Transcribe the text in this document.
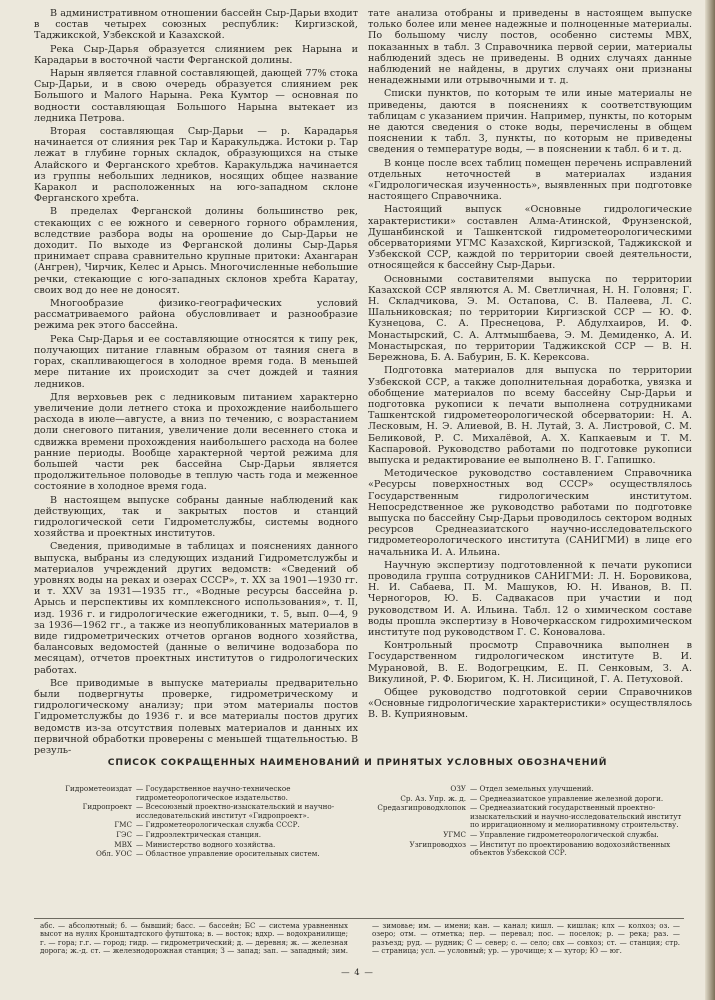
В административном отношении бассейн Сыр-Дарьи входит в состав четырех союзных республик: Киргизской, Таджикской, Узбекской и Казахской.

Река Сыр-Дарья образуется слиянием рек Нарына и Карадарьи в восточной части Ферганской долины.

Нарын является главной составляющей, дающей 77% стока Сыр-Дарьи, и в свою очередь образуется слиянием рек Большого и Малого Нарына. Река Кумтор — основная по водности составляющая Большого Нарына вытекает из ледника Петрова.

Вторая составляющая Сыр-Дарьи — р. Карадарья начинается от слияния рек Тар и Каракульджа. Истоки р. Тар лежат в глубине горных складок, образующихся на стыке Алайского и Ферганского хребтов. Каракульджа начинается из группы небольших ледников, носящих общее название Каракол и расположенных на юго-западном склоне Ферганского хребта.

В пределах Ферганской долины большинство рек, стекающих с ее южного и северного горного обрамления, вследствие разбора воды на орошение до Сыр-Дарьи не доходит. По выходе из Ферганской долины Сыр-Дарья принимает справа сравнительно крупные притоки: Ахангаран (Ангрен), Чирчик, Келес и Арысь. Многочисленные небольшие речки, стекающие с юго-западных склонов хребта Каратау, своих вод до нее не доносят.

Многообразие физико-географических условий рассматриваемого района обусловливает и разнообразие режима рек этого бассейна.

Река Сыр-Дарья и ее составляющие относятся к типу рек, получающих питание главным образом от таяния снега в горах, скапливающегося в холодное время года. В меньшей мере питание их происходит за счет дождей и таяния ледников.

Для верховьев рек с ледниковым питанием характерно увеличение доли летнего стока и прохождение наибольшего расхода в июле—августе, а вниз по течению, с возрастанием доли снегового питания, увеличение доли весеннего стока и сдвижка времени прохождения наибольшего расхода на более ранние периоды. Вообще характерной чертой режима для большей части рек бассейна Сыр-Дарьи является продолжительное половодье в теплую часть года и меженное состояние в холодное время года.

В настоящем выпуске собраны данные наблюдений как действующих, так и закрытых постов и станций гидрологической сети Гидрометслужбы, системы водного хозяйства и проектных институтов.

Сведения, приводимые в таблицах и пояснениях данного выпуска, выбраны из следующих изданий Гидрометслужбы и материалов учреждений других ведомств: «Сведений об уровнях воды на реках и озерах СССР», т. XX за 1901—1930 гг. и т. XXV за 1931—1935 гг., «Водные ресурсы бассейна р. Арысь и перспективы их комплексного использования», т. II, изд. 1936 г. и гидрологические ежегодники, т. 5, вып. 0—4, 9 за 1936—1962 гг., а также из неопубликованных материалов в виде гидрометрических отчетов органов водного хозяйства, балансовых ведомостей (данные о величине водозабора по месяцам), отчетов проектных институтов о гидрологических работах.

Все приводимые в выпуске материалы предварительно были подвергнуты проверке, гидрометрическому и гидрологическому анализу; при этом материалы постов Гидрометслужбы до 1936 г. и все материалы постов других ведомств из-за отсутствия полевых материалов и данных их первичной обработки проверены с меньшей тщательностью. В резуль-

тате анализа отобраны и приведены в настоящем выпуске только более или менее надежные и полноценные материалы. По большому числу постов, особенно системы МВХ, показанных в табл. 3 Справочника первой серии, материалы наблюдений здесь не приведены. В одних случаях данные наблюдений не найдены, в других случаях они признаны ненадежными или отрывочными и т. д.

Списки пунктов, по которым те или иные материалы не приведены, даются в пояснениях к соответствующим таблицам с указанием причин. Например, пункты, по которым не даются сведения о стоке воды, перечислены в общем пояснении к табл. 3, пункты, по которым не приведены сведения о температуре воды, — в пояснении к табл. 6 и т. д.

В конце после всех таблиц помещен перечень исправлений отдельных неточностей в материалах издания «Гидрологическая изученность», выявленных при подготовке настоящего Справочника.

Настоящий выпуск «Основные гидрологические характеристики» составлен Алма-Атинской, Фрунзенской, Душанбинской и Ташкентской гидрометеорологическими обсерваториями УГМС Казахской, Киргизской, Таджикской и Узбекской ССР, каждой по территории своей деятельности, относящейся к бассейну Сыр-Дарьи.

Основными составителями выпуска по территории Казахской ССР являются А. М. Светличная, Н. Н. Головня; Г. Н. Складчикова, Э. М. Остапова, С. В. Палеева, Л. С. Шальниковская; по территории Киргизской ССР — Ю. Ф. Кузнецова, С. А. Преснецова, Р. Абдулхаиров, И. Ф. Монастырский, С. А. Алтмышбаева, Э. М. Демиденко, А. И. Монастырская, по территории Таджикской ССР — В. Н. Бережнова, Б. А. Бабурин, Б. К. Керексова.

Подготовка материалов для выпуска по территории Узбекской ССР, а также дополнительная доработка, увязка и обобщение материалов по всему бассейну Сыр-Дарьи и подготовка рукописи к печати выполнена сотрудниками Ташкентской гидрометеорологической обсерватории: Н. А. Лесковым, Н. Э. Алиевой, В. Н. Лутай, З. А. Листровой, С. М. Беликовой, Р. С. Михалёвой, А. Х. Капкаевым и Т. М. Каспаровой. Руководство работами по подготовке рукописи выпуска и редактирование ее выполнено В. Г. Гапишко.

Методическое руководство составлением Справочника «Ресурсы поверхностных вод СССР» осуществлялось Государственным гидрологическим институтом. Непосредственное же руководство работами по подготовке выпуска по бассейну Сыр-Дарьи проводилось сектором водных ресурсов Среднеазиатского научно-исследовательского гидрометеорологического института (САНИГМИ) в лице его начальника И. А. Ильина.

Научную экспертизу подготовленной к печати рукописи проводила группа сотрудников САНИГМИ: Л. Н. Боровикова, Н. И. Сабаева, П. М. Машуков, Ю. Н. Иванов, В. П. Черногоров, Ю. Б. Садвакасов при участии и под руководством И. А. Ильина. Табл. 12 о химическом составе воды прошла экспертизу в Новочеркасском гидрохимическом институте под руководством Г. С. Коновалова.

Контрольный просмотр Справочника выполнен в Государственном гидрологическом институте В. И. Мурановой, В. Е. Водогрецким, Е. П. Сенковым, З. А. Викулиной, Р. Ф. Бюригом, К. Н. Лисициной, Г. А. Петуховой.

Общее руководство подготовкой серии Справочников «Основные гидрологические характеристики» осуществлялось В. В. Куприяновым.

СПИСОК СОКРАЩЕННЫХ НАИМЕНОВАНИЙ И ПРИНЯТЫХ УСЛОВНЫХ ОБОЗНАЧЕНИЙ
Гидрометеоиздат — Государственное научно-техническое гидрометеорологическое издательство.
Гидропроект — Всесоюзный проектно-изыскательский и научно-исследовательский институт «Гидропроект».
ГМС — Гидрометеорологическая служба СССР.
ГЭС — Гидроэлектрическая станция.
МВХ — Министерство водного хозяйства.
Обл. УОС — Областное управление оросительных систем.
ОЗУ — Отдел земельных улучшений.
Ср. Аз. Упр. ж. д. — Среднеазиатское управление железной дороги.
Средазгипроводхлопок — Среднеазиатский государственный проектно-изыскательский и научно-исследовательский институт по ирригационному и мелиоративному строительству.
УГМС — Управление гидрометеорологической службы.
Узгипроводхоз — Институт по проектированию водохозяйственных объектов Узбекской ССР.
абс. — абсолютный; б. — бывший; басс. — бассейн; БС — система уравненных высот на нулях Кронштадтского футштока; в. — восток; вдхр. — водохранилище; г. — гора; г.г. — город; гидр. — гидрометрический; д. — деревня; ж. — железная дорога; ж.-д. ст. — железнодорожная станция; З — запад; зап. — западный; зим. — зимовье; им. — имени; кан. — канал; кишл. — кишлак; клх — колхоз; оз. — озеро; отм. — отметка; пер. — перевал; пос. — поселок; р. — река; раз. — разъезд; руд. — рудник; С — север; с. — село; свх — совхоз; ст. — станция; стр. — страница; усл. — условный; ур. — урочище; х — хутор; Ю — юг.
— 4 —
